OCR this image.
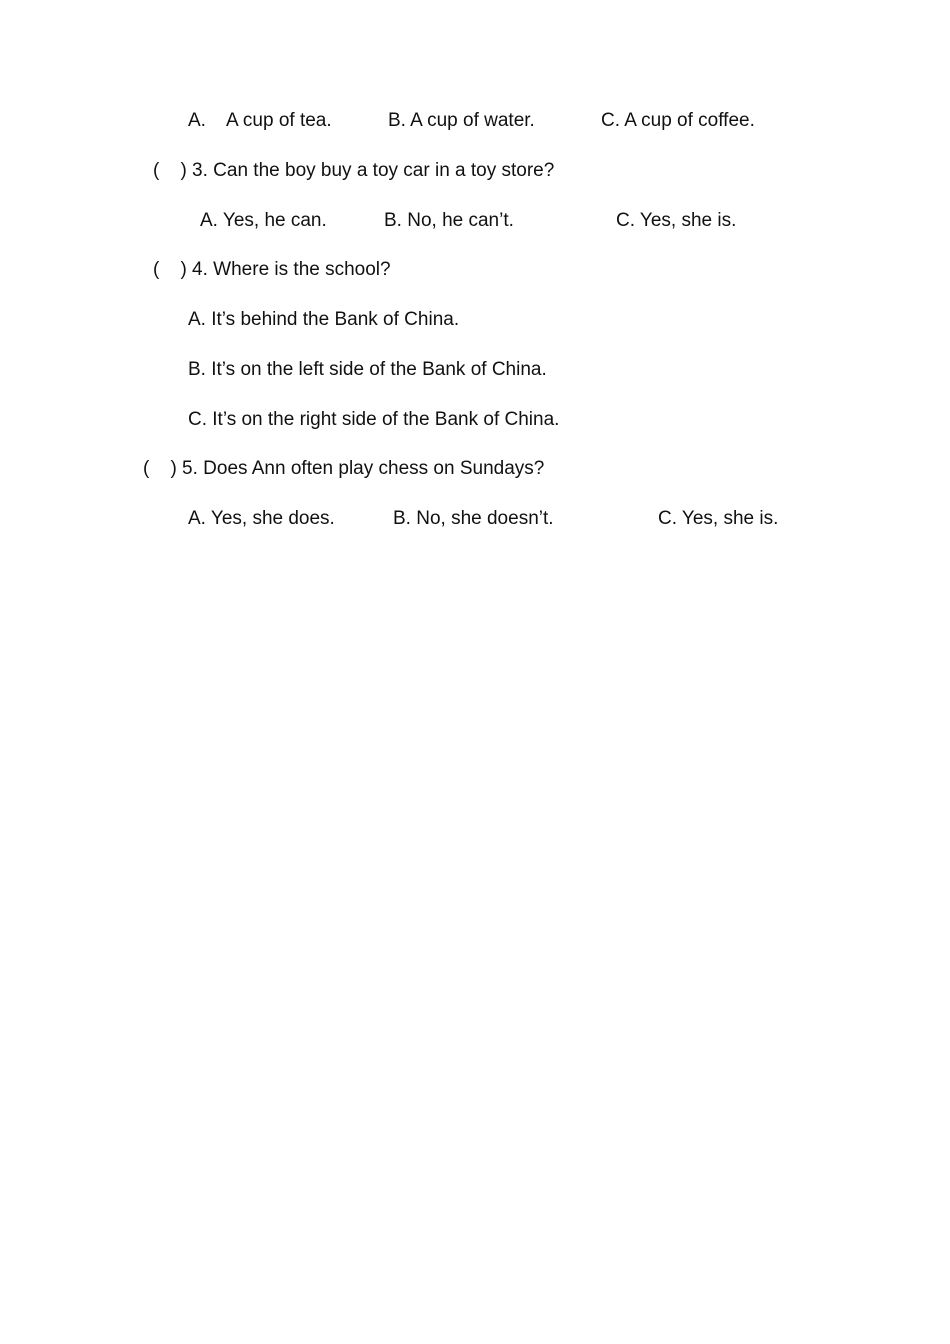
A.    A cup of tea.	B. A cup of water.	C. A cup of coffee.
(    ) 3. Can the boy buy a toy car in a toy store?
A. Yes, he can.	B. No, he can’t.	C. Yes, she is.
(    ) 4. Where is the school?
A. It’s behind the Bank of China.
B. It’s on the left side of the Bank of China.
C. It’s on the right side of the Bank of China.
(    ) 5. Does Ann often play chess on Sundays?
A. Yes, she does.	B. No, she doesn’t.	C. Yes, she is.
